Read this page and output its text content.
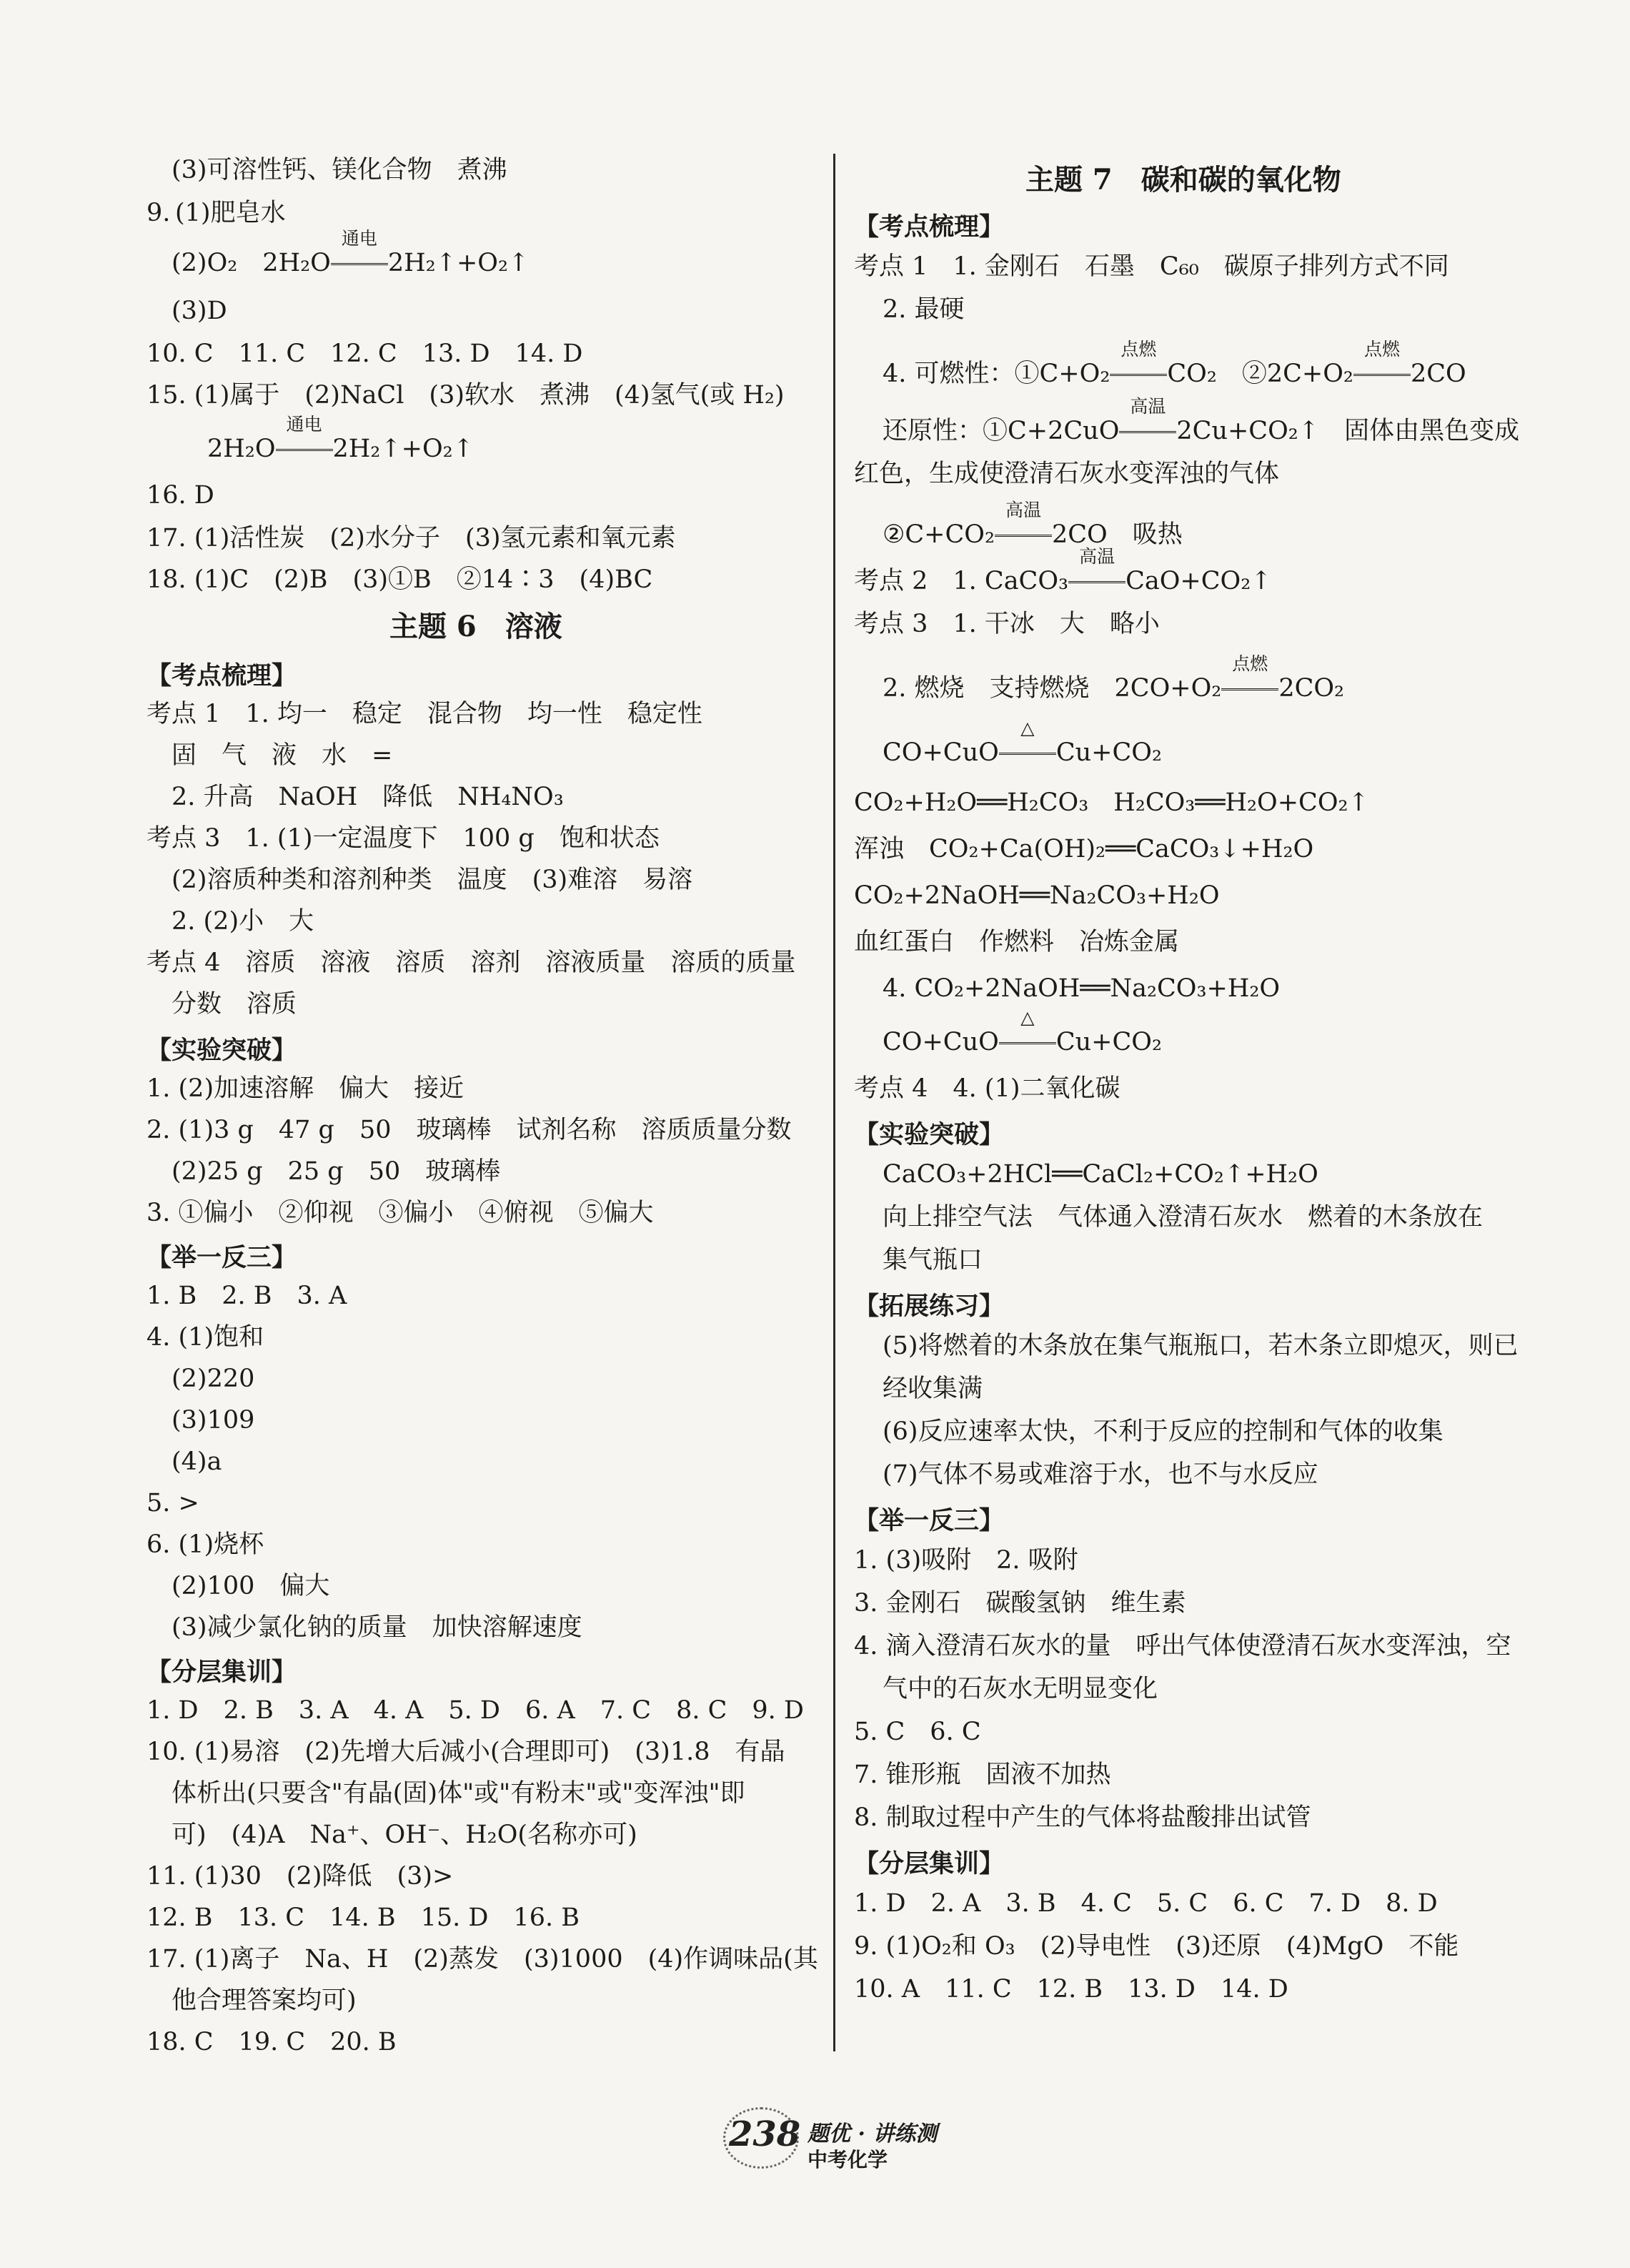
(2)O₂　2H₂O
通电
2H₂↑+O₂↑
2H₂O
通电
2H₂↑+O₂↑
主题 6　溶液
(3)可溶性钙、镁化合物　煮沸
9. (1)肥皂水
(3)D
10. C　11. C　12. C　13. D　14. D
15. (1)属于　(2)NaCl　(3)软水　煮沸　(4)氢气(或 H₂)
16. D
17. (1)活性炭　(2)水分子　(3)氢元素和氧元素
18. (1)C　(2)B　(3)①B　②14∶3　(4)BC
【考点梳理】
考点 1　1. 均一　稳定　混合物　均一性　稳定性
固　气　液　水　=
2. 升高　NaOH　降低　NH₄NO₃
考点 3　1. (1)一定温度下　100 g　饱和状态
(2)溶质种类和溶剂种类　温度　(3)难溶　易溶
2. (2)小　大
考点 4　溶质　溶液　溶质　溶剂　溶液质量　溶质的质量
分数　溶质
【实验突破】
1. (2)加速溶解　偏大　接近
2. (1)3 g　47 g　50　玻璃棒　试剂名称　溶质质量分数
(2)25 g　25 g　50　玻璃棒
3. ①偏小　②仰视　③偏小　④俯视　⑤偏大
【举一反三】
1. B　2. B　3. A
4. (1)饱和
(2)220
(3)109
(4)a
5. >
6. (1)烧杯
(2)100　偏大
(3)减少氯化钠的质量　加快溶解速度
【分层集训】
1. D　2. B　3. A　4. A　5. D　6. A　7. C　8. C　9. D
10. (1)易溶　(2)先增大后减小(合理即可)　(3)1.8　有晶
体析出(只要含"有晶(固)体"或"有粉末"或"变浑浊"即
可)　(4)A　Na⁺、OH⁻、H₂O(名称亦可)
11. (1)30　(2)降低　(3)>
12. B　13. C　14. B　15. D　16. B
17. (1)离子　Na、H　(2)蒸发　(3)1000　(4)作调味品(其
他合理答案均可)
18. C　19. C　20. B
主题 7　碳和碳的氧化物
4. 可燃性：①C+O₂
点燃
CO₂　②2C+O₂
点燃
2CO
还原性：①C+2CuO
高温
2Cu+CO₂↑　固体由黑色变成
②C+CO₂
高温
2CO　吸热
考点 2　1. CaCO₃
高温
CaO+CO₂↑
2. 燃烧　支持燃烧　2CO+O₂
点燃
2CO₂
CO+CuO
△
Cu+CO₂
CO+CuO
△
Cu+CO₂
【考点梳理】
考点 1　1. 金刚石　石墨　C₆₀　碳原子排列方式不同
2. 最硬
红色，生成使澄清石灰水变浑浊的气体
考点 3　1. 干冰　大　略小
CO₂+H₂O══H₂CO₃　H₂CO₃══H₂O+CO₂↑
浑浊　CO₂+Ca(OH)₂══CaCO₃↓+H₂O
CO₂+2NaOH══Na₂CO₃+H₂O
血红蛋白　作燃料　冶炼金属
4. CO₂+2NaOH══Na₂CO₃+H₂O
考点 4　4. (1)二氧化碳
【实验突破】
CaCO₃+2HCl══CaCl₂+CO₂↑+H₂O
向上排空气法　气体通入澄清石灰水　燃着的木条放在
集气瓶口
【拓展练习】
(5)将燃着的木条放在集气瓶瓶口，若木条立即熄灭，则已
经收集满
(6)反应速率太快，不利于反应的控制和气体的收集
(7)气体不易或难溶于水，也不与水反应
【举一反三】
1. (3)吸附　2. 吸附
3. 金刚石　碳酸氢钠　维生素
4. 滴入澄清石灰水的量　呼出气体使澄清石灰水变浑浊，空
气中的石灰水无明显变化
5. C　6. C
7. 锥形瓶　固液不加热
8. 制取过程中产生的气体将盐酸排出试管
【分层集训】
1. D　2. A　3. B　4. C　5. C　6. C　7. D　8. D
9. (1)O₂和 O₃　(2)导电性　(3)还原　(4)MgO　不能
10. A　11. C　12. B　13. D　14. D
238 题优 · 讲练测
中考化学
